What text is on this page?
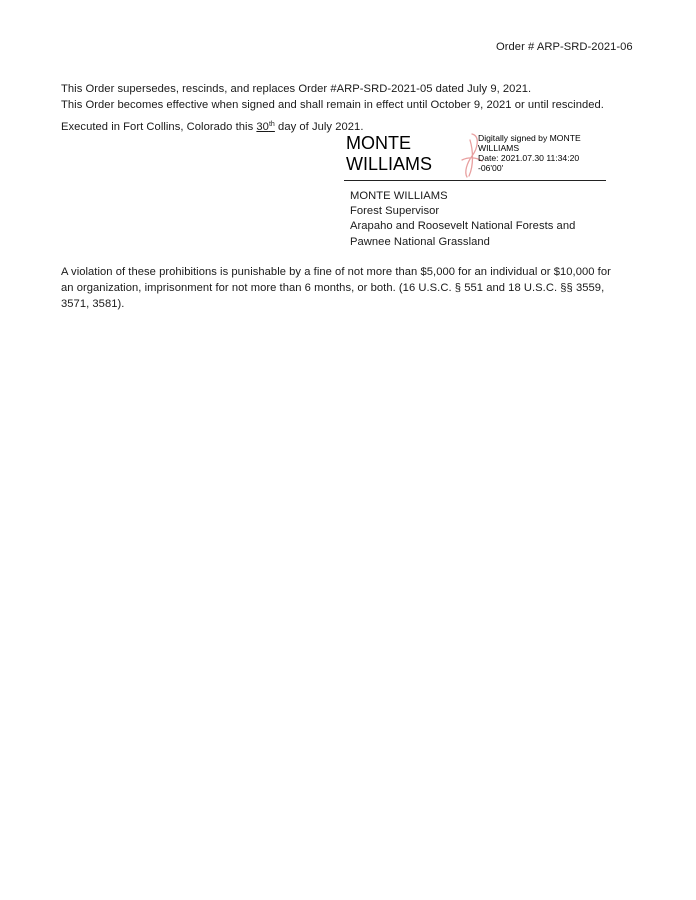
Order # ARP-SRD-2021-06
This Order supersedes, rescinds, and replaces Order #ARP-SRD-2021-05 dated July 9, 2021.
This Order becomes effective when signed and shall remain in effect until October 9, 2021 or until rescinded.
Executed in Fort Collins, Colorado this 30th day of July 2021.
MONTE
WILLIAMS
Digitally signed by MONTE
WILLIAMS
Date: 2021.07.30 11:34:20
-06'00'
MONTE WILLIAMS
Forest Supervisor
Arapaho and Roosevelt National Forests and
Pawnee National Grassland
A violation of these prohibitions is punishable by a fine of not more than $5,000 for an individual or $10,000 for
an organization, imprisonment for not more than 6 months, or both. (16 U.S.C. § 551 and 18 U.S.C. §§ 3559,
3571, 3581).
